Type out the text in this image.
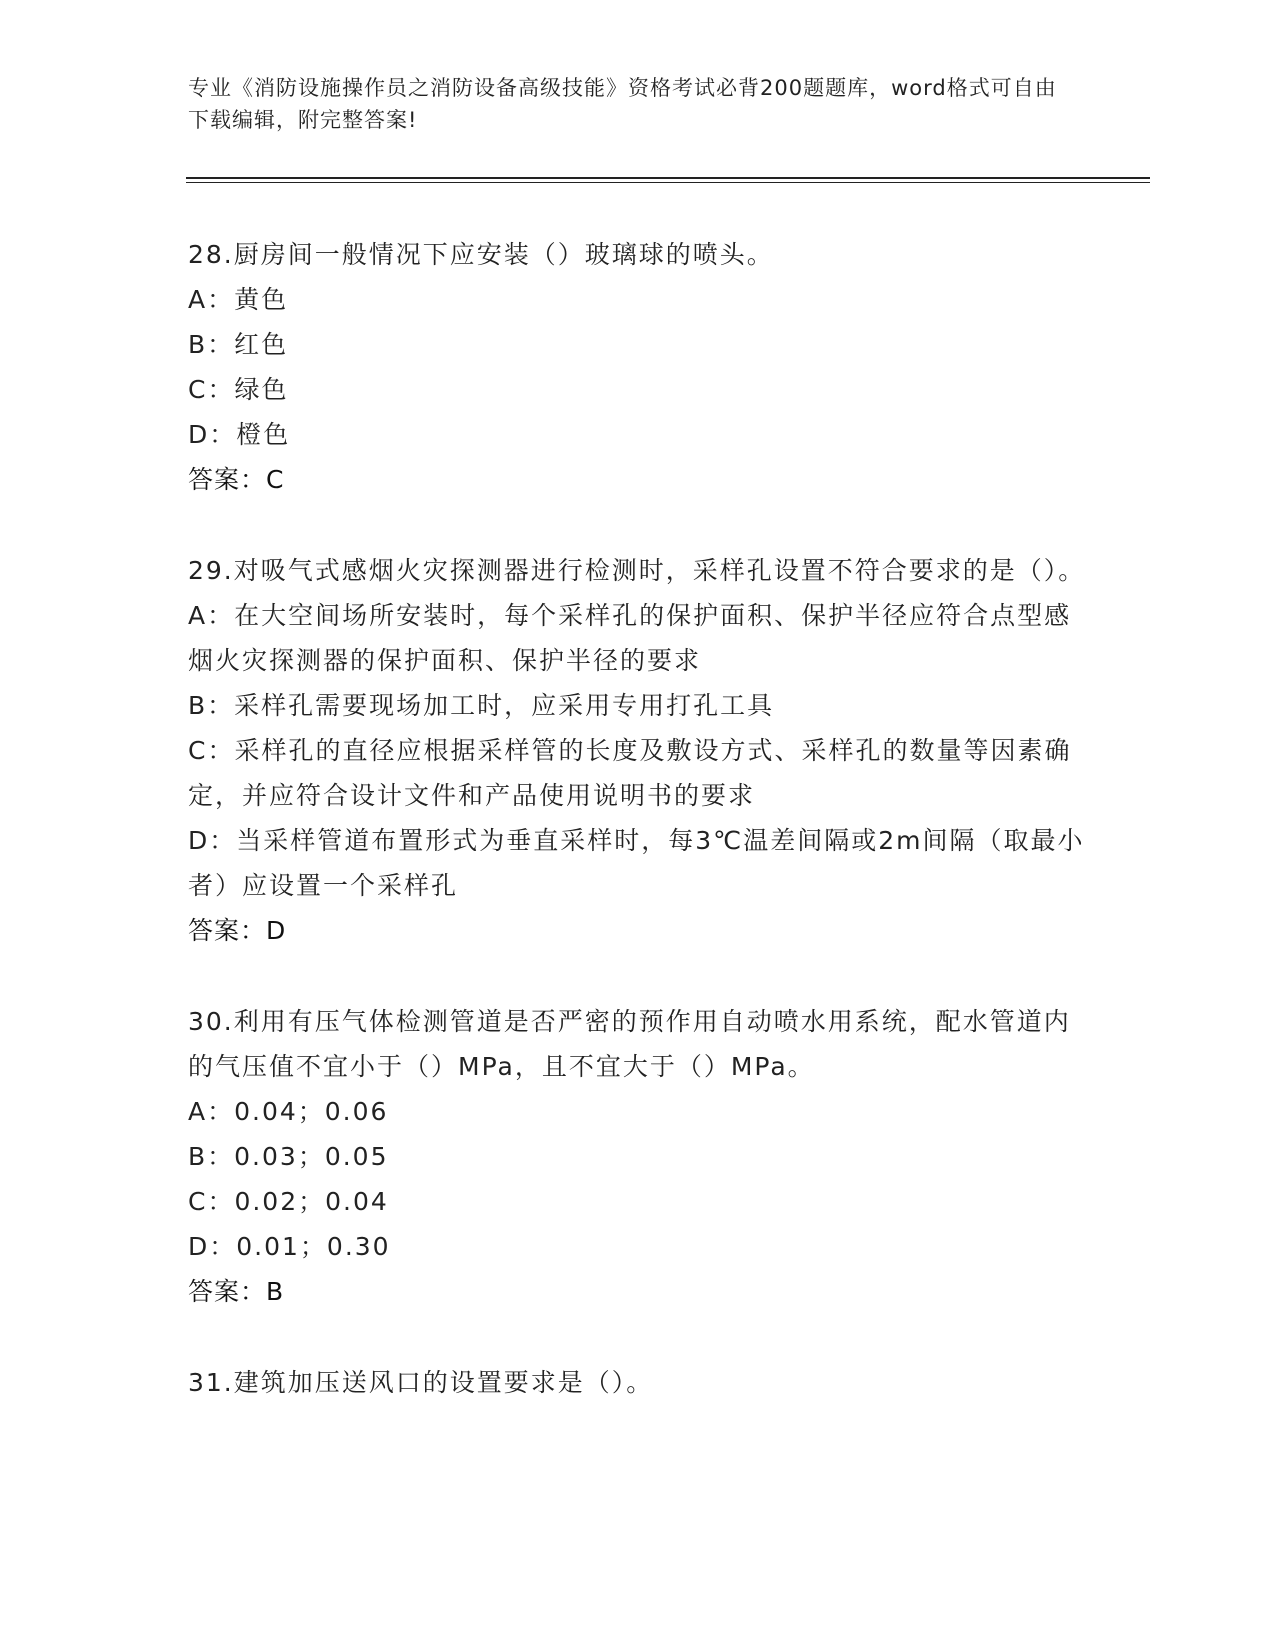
专业《消防设施操作员之消防设备高级技能》资格考试必背200题题库，word格式可自由下载编辑，附完整答案!
28.厨房间一般情况下应安装（）玻璃球的喷头。
A：黄色
B：红色
C：绿色
D：橙色
答案：C
29.对吸气式感烟火灾探测器进行检测时，采样孔设置不符合要求的是（）。
A：在大空间场所安装时，每个采样孔的保护面积、保护半径应符合点型感烟火灾探测器的保护面积、保护半径的要求
B：采样孔需要现场加工时，应采用专用打孔工具
C：采样孔的直径应根据采样管的长度及敷设方式、采样孔的数量等因素确定，并应符合设计文件和产品使用说明书的要求
D：当采样管道布置形式为垂直采样时，每3℃温差间隔或2m间隔（取最小者）应设置一个采样孔
答案：D
30.利用有压气体检测管道是否严密的预作用自动喷水用系统，配水管道内的气压值不宜小于（）MPa，且不宜大于（）MPa。
A：0.04；0.06
B：0.03；0.05
C：0.02；0.04
D：0.01；0.30
答案：B
31.建筑加压送风口的设置要求是（）。
